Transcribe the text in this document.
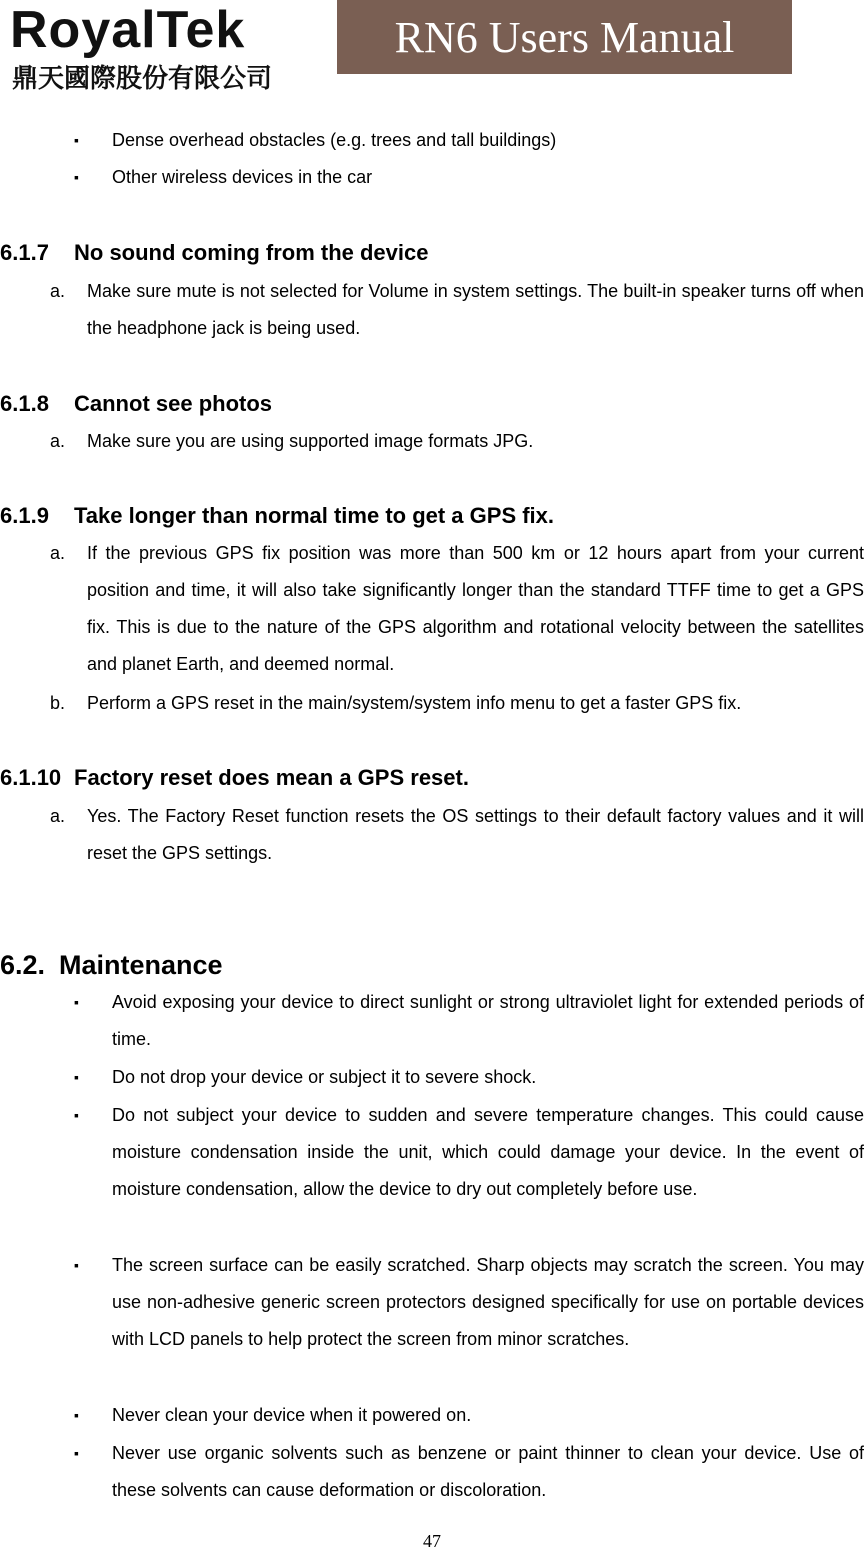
RoyalTek
鼎天國際股份有限公司
RN6 Users Manual
▪ Dense overhead obstacles (e.g. trees and tall buildings)
▪ Other wireless devices in the car
6.1.7 No sound coming from the device
a. Make sure mute is not selected for Volume in system settings. The built-in speaker turns off when the headphone jack is being used.
6.1.8 Cannot see photos
a. Make sure you are using supported image formats JPG.
6.1.9 Take longer than normal time to get a GPS fix.
a. If the previous GPS fix position was more than 500 km or 12 hours apart from your current position and time, it will also take significantly longer than the standard TTFF time to get a GPS fix. This is due to the nature of the GPS algorithm and rotational velocity between the satellites and planet Earth, and deemed normal.
b. Perform a GPS reset in the main/system/system info menu to get a faster GPS fix.
6.1.10 Factory reset does mean a GPS reset.
a. Yes. The Factory Reset function resets the OS settings to their default factory values and it will reset the GPS settings.
6.2. Maintenance
▪ Avoid exposing your device to direct sunlight or strong ultraviolet light for extended periods of time.
▪ Do not drop your device or subject it to severe shock.
▪ Do not subject your device to sudden and severe temperature changes. This could cause moisture condensation inside the unit, which could damage your device. In the event of moisture condensation, allow the device to dry out completely before use.
▪ The screen surface can be easily scratched. Sharp objects may scratch the screen. You may use non-adhesive generic screen protectors designed specifically for use on portable devices with LCD panels to help protect the screen from minor scratches.
▪ Never clean your device when it powered on.
▪ Never use organic solvents such as benzene or paint thinner to clean your device. Use of these solvents can cause deformation or discoloration.
47
